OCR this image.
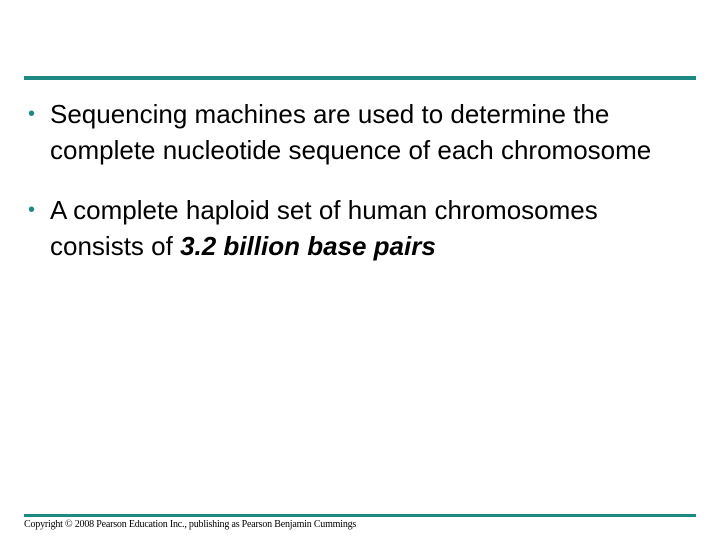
• Sequencing machines are used to determine the complete nucleotide sequence of each chromosome
• A complete haploid set of human chromosomes consists of 3.2 billion base pairs
Copyright © 2008 Pearson Education Inc., publishing as Pearson Benjamin Cummings
